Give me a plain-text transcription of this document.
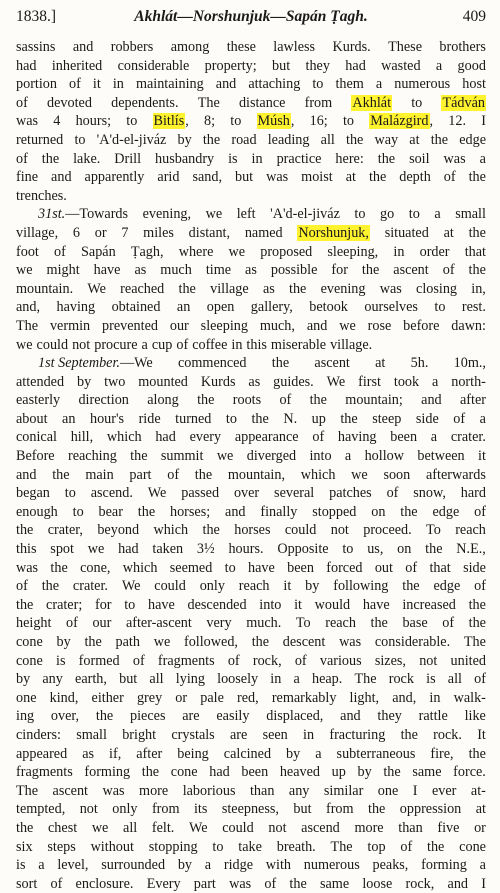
1838.]	Akhlát—Norshunjuk—Sapán Ṭagh.	409
sassins and robbers among these lawless Kurds. These brothers
had inherited considerable property; but they had wasted a good
portion of it in maintaining and attaching to them a numerous host
of devoted dependents. The distance from Akhlát to Tádván
was 4 hours; to Bitlís, 8; to Músh, 16; to Malázgird, 12. I
returned to 'A'd-el-jiváz by the road leading all the way at the edge
of the lake. Drill husbandry is in practice here: the soil was a
fine and apparently arid sand, but was moist at the depth of the
trenches.
31st.—Towards evening, we left 'A'd-el-jiváz to go to a small
village, 6 or 7 miles distant, named Norshunjuk, situated at the
foot of Sapán Ṭagh, where we proposed sleeping, in order that
we might have as much time as possible for the ascent of the
mountain. We reached the village as the evening was closing in,
and, having obtained an open gallery, betook ourselves to rest.
The vermin prevented our sleeping much, and we rose before dawn:
we could not procure a cup of coffee in this miserable village.
1st September.—We commenced the ascent at 5h. 10m.,
attended by two mounted Kurds as guides. We first took a north-
easterly direction along the roots of the mountain; and after
about an hour's ride turned to the N. up the steep side of a
conical hill, which had every appearance of having been a crater.
Before reaching the summit we diverged into a hollow between it
and the main part of the mountain, which we soon afterwards
began to ascend. We passed over several patches of snow, hard
enough to bear the horses; and finally stopped on the edge of
the crater, beyond which the horses could not proceed. To reach
this spot we had taken 3½ hours. Opposite to us, on the N.E.,
was the cone, which seemed to have been forced out of that side
of the crater. We could only reach it by following the edge of
the crater; for to have descended into it would have increased the
height of our after-ascent very much. To reach the base of the
cone by the path we followed, the descent was considerable. The
cone is formed of fragments of rock, of various sizes, not united
by any earth, but all lying loosely in a heap. The rock is all of
one kind, either grey or pale red, remarkably light, and, in walk-
ing over, the pieces are easily displaced, and they rattle like
cinders: small bright crystals are seen in fracturing the rock. It
appeared as if, after being calcined by a subterraneous fire, the
fragments forming the cone had been heaved up by the same force.
The ascent was more laborious than any similar one I ever at-
tempted, not only from its steepness, but from the oppression at
the chest we all felt. We could not ascend more than five or
six steps without stopping to take breath. The top of the cone
is a level, surrounded by a ridge with numerous peaks, forming a
sort of enclosure. Every part was of the same loose rock, and I
